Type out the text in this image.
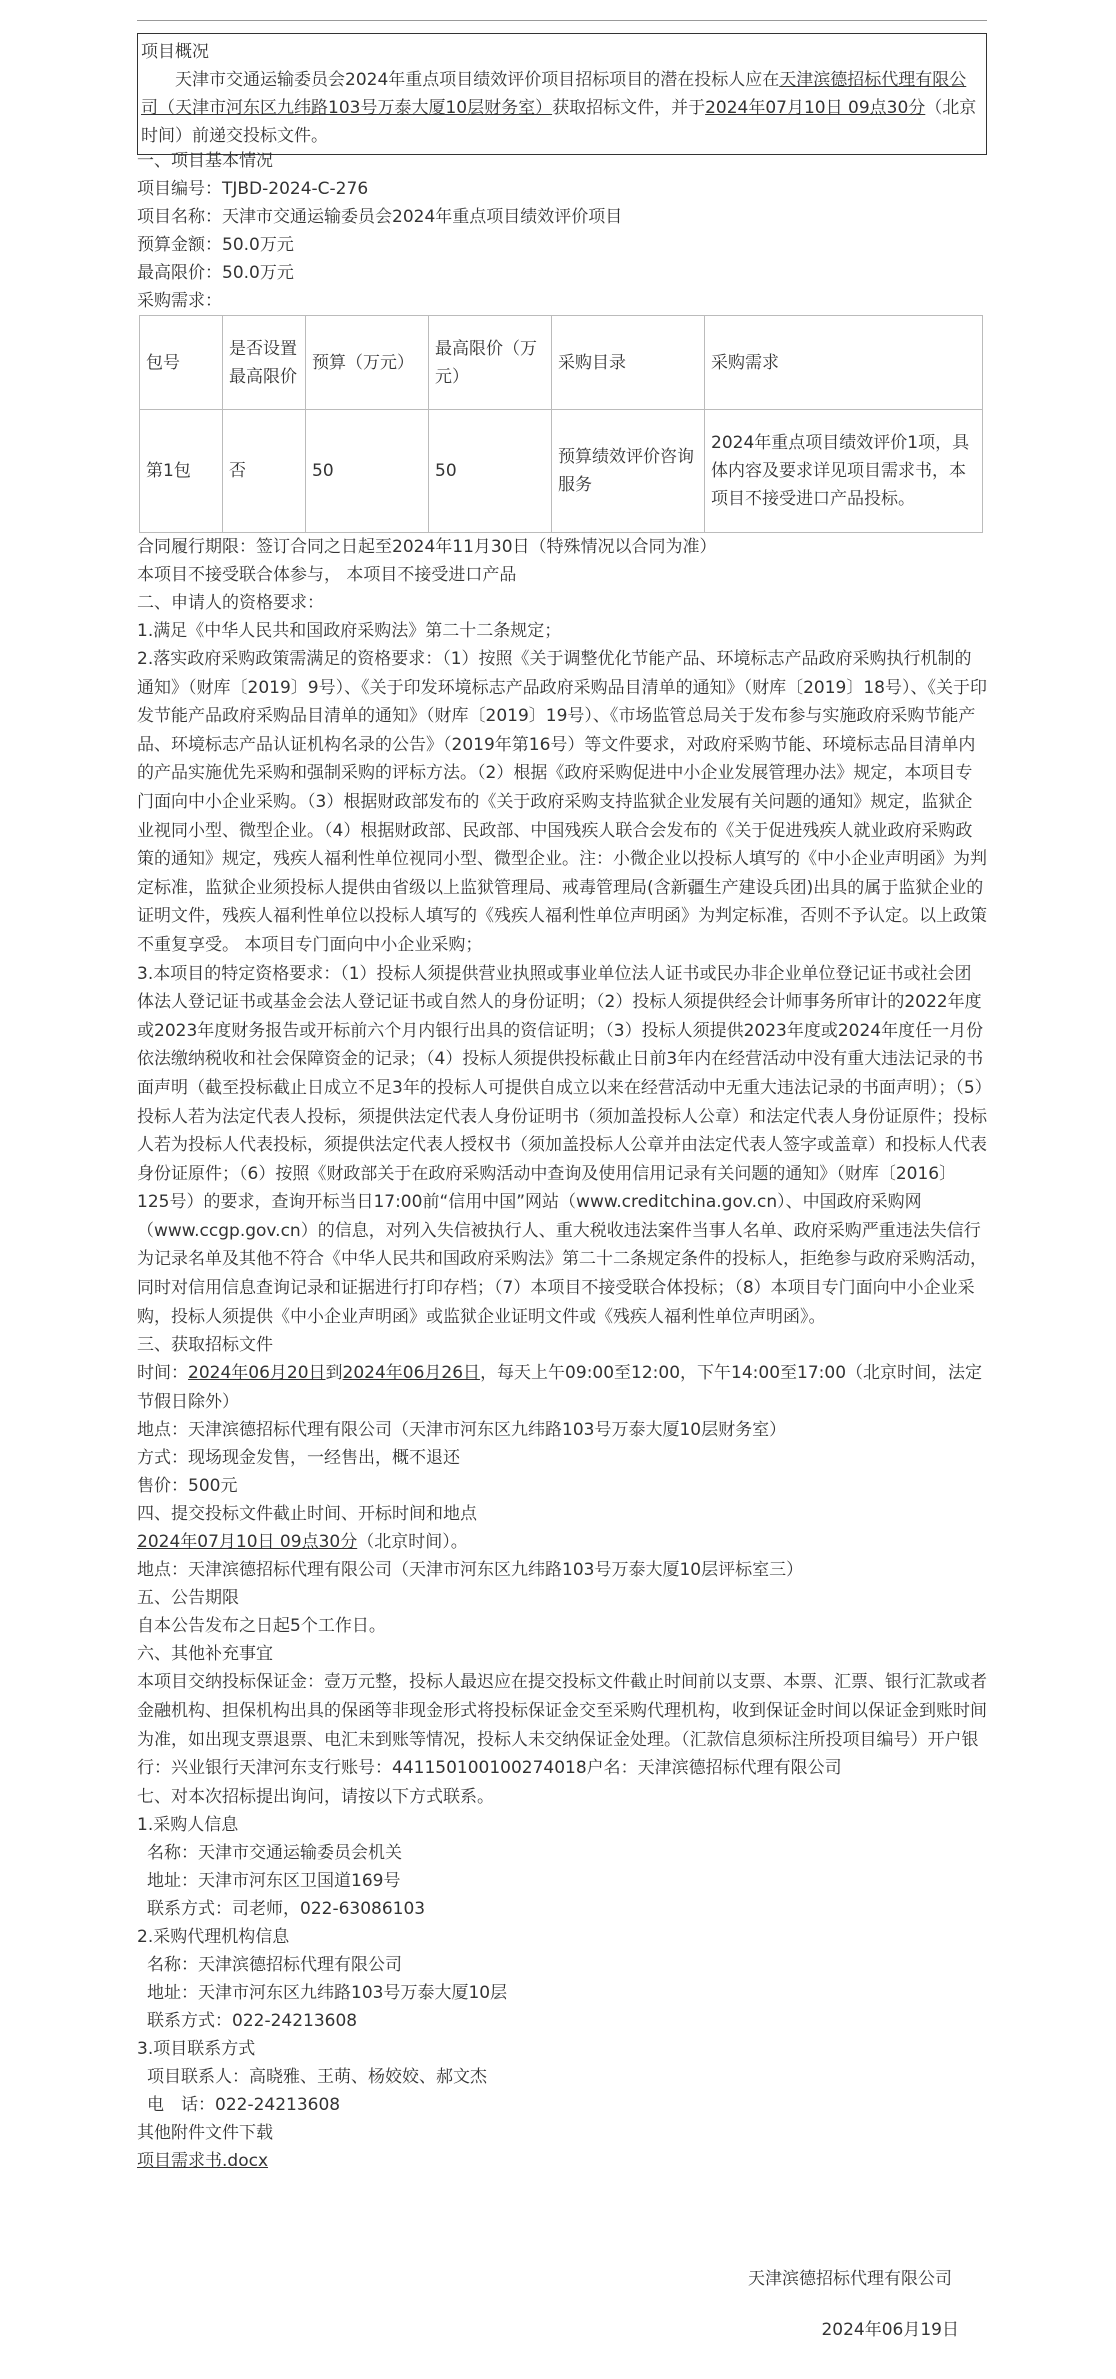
项目概况
天津市交通运输委员会2024年重点项目绩效评价项目招标项目的潜在投标人应在天津滨德招标代理有限公司（天津市河东区九纬路103号万泰大厦10层财务室）获取招标文件，并于2024年07月10日 09点30分（北京时间）前递交投标文件。
一、项目基本情况
项目编号：TJBD-2024-C-276
项目名称：天津市交通运输委员会2024年重点项目绩效评价项目
预算金额：50.0万元
最高限价：50.0万元
采购需求：
包号	是否设置最高限价	预算（万元）	最高限价（万元）	采购目录	采购需求
第1包	否	50	50	预算绩效评价咨询服务	2024年重点项目绩效评价1项，具体内容及要求详见项目需求书，本项目不接受进口产品投标。
合同履行期限：签订合同之日起至2024年11月30日（特殊情况以合同为准）
本项目不接受联合体参与， 本项目不接受进口产品
二、申请人的资格要求：
1.满足《中华人民共和国政府采购法》第二十二条规定；
2.落实政府采购政策需满足的资格要求：（1）按照《关于调整优化节能产品、环境标志产品政府采购执行机制的通知》（财库〔2019〕9号）、《关于印发环境标志产品政府采购品目清单的通知》（财库〔2019〕18号）、《关于印发节能产品政府采购品目清单的通知》（财库〔2019〕19号）、《市场监管总局关于发布参与实施政府采购节能产品、环境标志产品认证机构名录的公告》（2019年第16号）等文件要求，对政府采购节能、环境标志品目清单内的产品实施优先采购和强制采购的评标方法。（2）根据《政府采购促进中小企业发展管理办法》规定，本项目专门面向中小企业采购。（3）根据财政部发布的《关于政府采购支持监狱企业发展有关问题的通知》规定，监狱企业视同小型、微型企业。（4）根据财政部、民政部、中国残疾人联合会发布的《关于促进残疾人就业政府采购政策的通知》规定，残疾人福利性单位视同小型、微型企业。注：小微企业以投标人填写的《中小企业声明函》为判定标准，监狱企业须投标人提供由省级以上监狱管理局、戒毒管理局(含新疆生产建设兵团)出具的属于监狱企业的证明文件，残疾人福利性单位以投标人填写的《残疾人福利性单位声明函》为判定标准，否则不予认定。以上政策不重复享受。 本项目专门面向中小企业采购；
3.本项目的特定资格要求：（1）投标人须提供营业执照或事业单位法人证书或民办非企业单位登记证书或社会团体法人登记证书或基金会法人登记证书或自然人的身份证明；（2）投标人须提供经会计师事务所审计的2022年度或2023年度财务报告或开标前六个月内银行出具的资信证明；（3）投标人须提供2023年度或2024年度任一月份依法缴纳税收和社会保障资金的记录；（4）投标人须提供投标截止日前3年内在经营活动中没有重大违法记录的书面声明（截至投标截止日成立不足3年的投标人可提供自成立以来在经营活动中无重大违法记录的书面声明）；（5）投标人若为法定代表人投标，须提供法定代表人身份证明书（须加盖投标人公章）和法定代表人身份证原件；投标人若为投标人代表投标，须提供法定代表人授权书（须加盖投标人公章并由法定代表人签字或盖章）和投标人代表身份证原件；（6）按照《财政部关于在政府采购活动中查询及使用信用记录有关问题的通知》（财库〔2016〕125号）的要求，查询开标当日17:00前“信用中国”网站（www.creditchina.gov.cn）、中国政府采购网（www.ccgp.gov.cn）的信息，对列入失信被执行人、重大税收违法案件当事人名单、政府采购严重违法失信行为记录名单及其他不符合《中华人民共和国政府采购法》第二十二条规定条件的投标人，拒绝参与政府采购活动，同时对信用信息查询记录和证据进行打印存档；（7）本项目不接受联合体投标；（8）本项目专门面向中小企业采购，投标人须提供《中小企业声明函》或监狱企业证明文件或《残疾人福利性单位声明函》。
三、获取招标文件
时间：2024年06月20日到2024年06月26日，每天上午09:00至12:00，下午14:00至17:00（北京时间，法定节假日除外）
地点：天津滨德招标代理有限公司（天津市河东区九纬路103号万泰大厦10层财务室）
方式：现场现金发售，一经售出，概不退还
售价：500元
四、提交投标文件截止时间、开标时间和地点
2024年07月10日 09点30分（北京时间）。
地点：天津滨德招标代理有限公司（天津市河东区九纬路103号万泰大厦10层评标室三）
五、公告期限
自本公告发布之日起5个工作日。
六、其他补充事宜
本项目交纳投标保证金：壹万元整，投标人最迟应在提交投标文件截止时间前以支票、本票、汇票、银行汇款或者金融机构、担保机构出具的保函等非现金形式将投标保证金交至采购代理机构，收到保证金时间以保证金到账时间为准，如出现支票退票、电汇未到账等情况，投标人未交纳保证金处理。（汇款信息须标注所投项目编号）开户银行：兴业银行天津河东支行账号：441150100100274018户名：天津滨德招标代理有限公司
七、对本次招标提出询问，请按以下方式联系。
1.采购人信息
名称：天津市交通运输委员会机关
地址：天津市河东区卫国道169号
联系方式：司老师，022-63086103
2.采购代理机构信息
名称：天津滨德招标代理有限公司
地址：天津市河东区九纬路103号万泰大厦10层
联系方式：022-24213608
3.项目联系方式
项目联系人：高晓雅、王萌、杨姣姣、郝文杰
电　话：022-24213608
其他附件文件下载
项目需求书.docx
天津滨德招标代理有限公司
2024年06月19日
